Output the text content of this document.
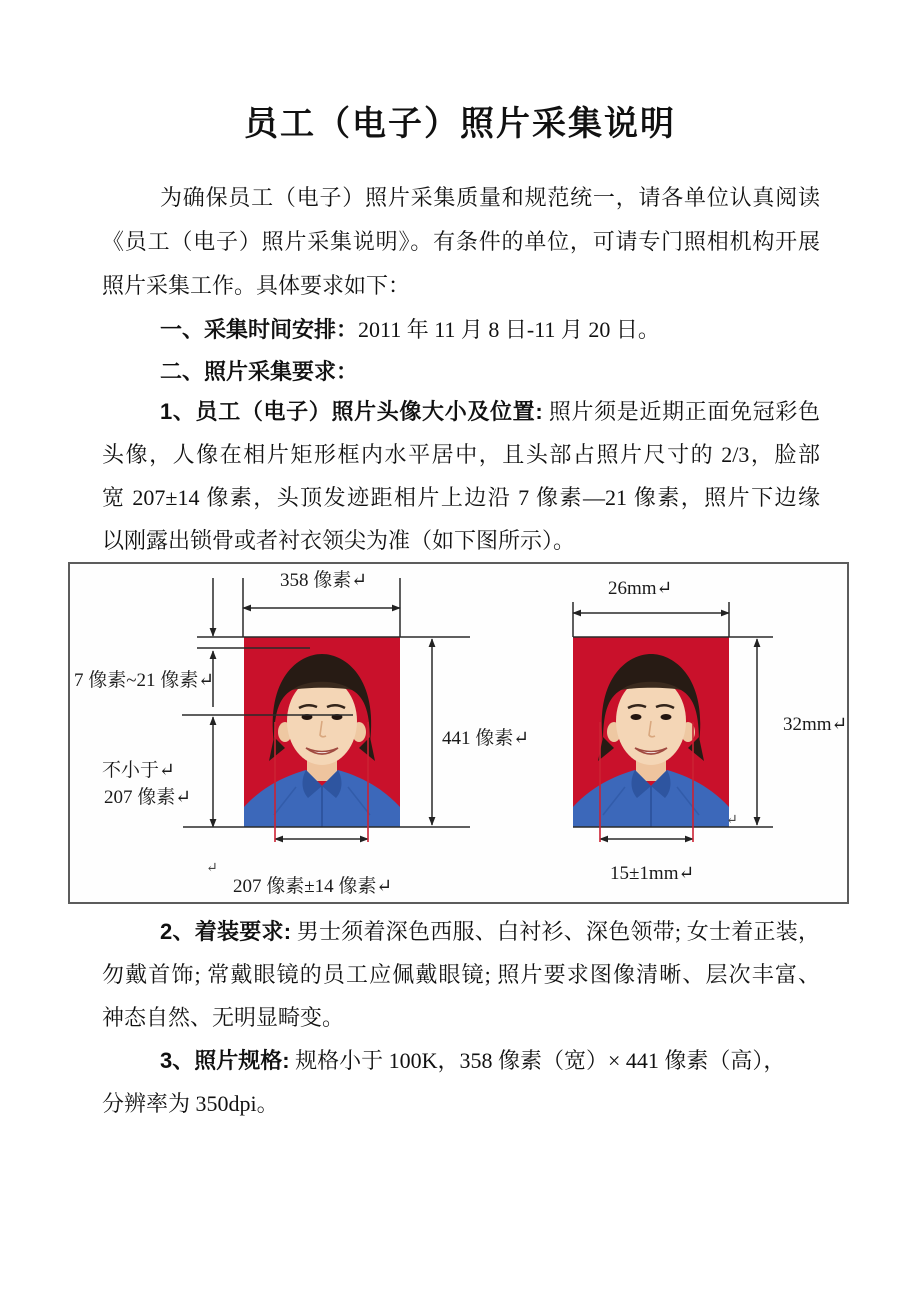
员工（电子）照片采集说明
为确保员工（电子）照片采集质量和规范统一，请各单位认真阅读
《员工（电子）照片采集说明》。有条件的单位，可请专门照相机构开展
照片采集工作。具体要求如下：
一、采集时间安排：2011 年 11 月 8 日-11 月 20 日。
二、照片采集要求：
1、员工（电子）照片头像大小及位置: 照片须是近期正面免冠彩色
头像，人像在相片矩形框内水平居中，且头部占照片尺寸的 2/3，脸部
宽 207±14 像素，头顶发迹距相片上边沿 7 像素—21 像素，照片下边缘
以刚露出锁骨或者衬衣领尖为准（如下图所示）。
358 像素↵
7 像素~21 像素↵
不小于↵
207 像素↵
441 像素↵
207 像素±14 像素↵
26mm↵
32mm↵
15±1mm↵
↵
↵
2、着装要求: 男士须着深色西服、白衬衫、深色领带; 女士着正装，
勿戴首饰; 常戴眼镜的员工应佩戴眼镜; 照片要求图像清晰、层次丰富、
神态自然、无明显畸变。
3、照片规格: 规格小于 100K，358 像素（宽）× 441 像素（高），
分辨率为 350dpi。
